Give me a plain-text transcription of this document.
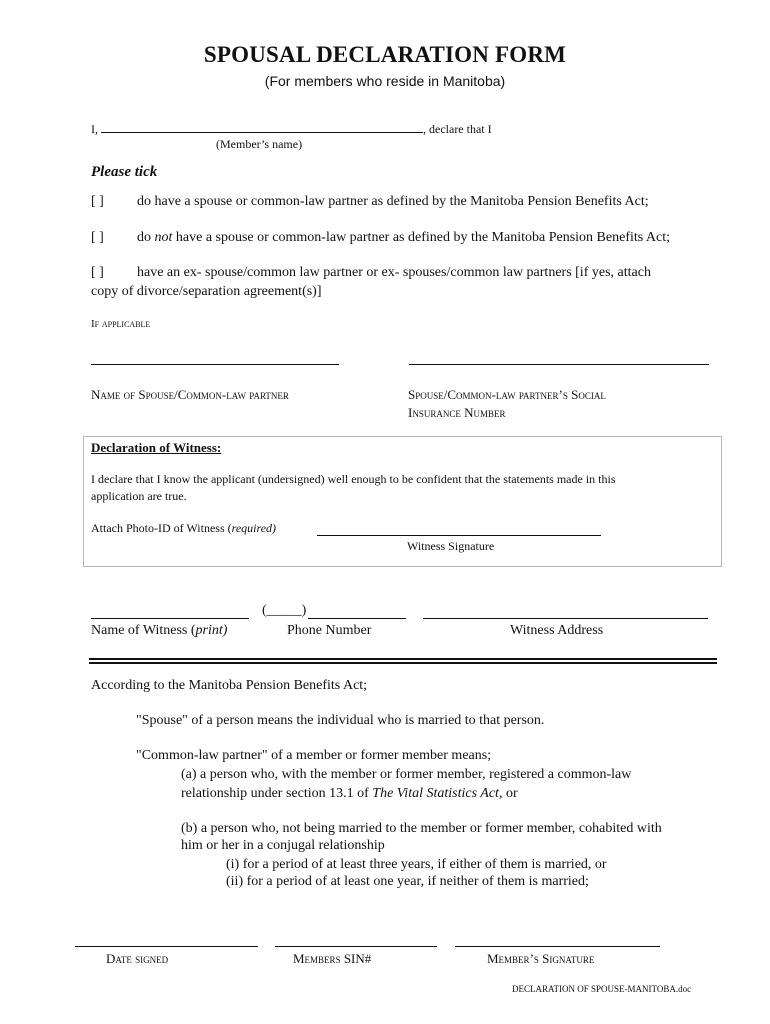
SPOUSAL DECLARATION FORM
(For members who reside in Manitoba)
I,	, declare that I
(Member’s name)
Please tick
[ ] do have a spouse or common-law partner as defined by the Manitoba Pension Benefits Act;
[ ] do not have a spouse or common-law partner as defined by the Manitoba Pension Benefits Act;
[ ] have an ex- spouse/common law partner or ex- spouses/common law partners [if yes, attach
copy of divorce/separation agreement(s)]
If applicable
Name of Spouse/Common-law partner	Spouse/Common-law partner’s Social
Insurance Number
Declaration of Witness:
I declare that I know the applicant (undersigned) well enough to be confident that the statements made in this
application are true.
Attach Photo-ID of Witness (required)
Witness Signature
(_____)
Name of Witness (print)	Phone Number	Witness Address
According to the Manitoba Pension Benefits Act;
"Spouse" of a person means the individual who is married to that person.
"Common-law partner" of a member or former member means;
(a) a person who, with the member or former member, registered a common-law
relationship under section 13.1 of The Vital Statistics Act, or
(b) a person who, not being married to the member or former member, cohabited with
him or her in a conjugal relationship
(i) for a period of at least three years, if either of them is married, or
(ii) for a period of at least one year, if neither of them is married;
Date signed	Members SIN#	Member’s Signature
DECLARATION OF SPOUSE-MANITOBA.doc
